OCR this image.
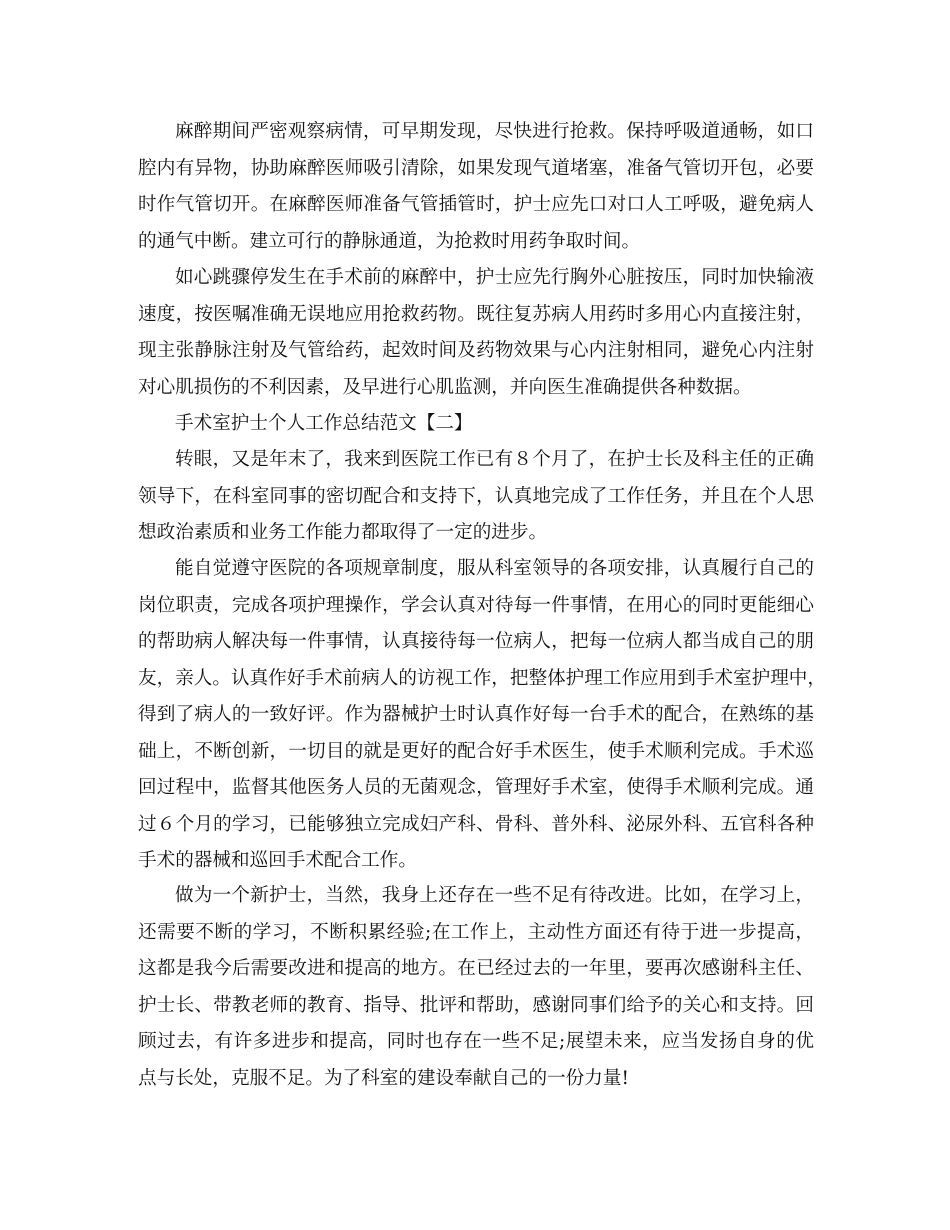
麻醉期间严密观察病情，可早期发现，尽快进行抢救。保持呼吸道通畅，如口
腔内有异物，协助麻醉医师吸引清除，如果发现气道堵塞，准备气管切开包，必要
时作气管切开。在麻醉医师准备气管插管时，护士应先口对口人工呼吸，避免病人
的通气中断。建立可行的静脉通道，为抢救时用药争取时间。
如心跳骤停发生在手术前的麻醉中，护士应先行胸外心脏按压，同时加快输液
速度，按医嘱准确无误地应用抢救药物。既往复苏病人用药时多用心内直接注射，
现主张静脉注射及气管给药，起效时间及药物效果与心内注射相同，避免心内注射
对心肌损伤的不利因素，及早进行心肌监测，并向医生准确提供各种数据。
手术室护士个人工作总结范文【二】
转眼，又是年末了，我来到医院工作已有８个月了，在护士长及科主任的正确
领导下，在科室同事的密切配合和支持下，认真地完成了工作任务，并且在个人思
想政治素质和业务工作能力都取得了一定的进步。
能自觉遵守医院的各项规章制度，服从科室领导的各项安排，认真履行自己的
岗位职责，完成各项护理操作，学会认真对待每一件事情，在用心的同时更能细心
的帮助病人解决每一件事情，认真接待每一位病人，把每一位病人都当成自己的朋
友，亲人。认真作好手术前病人的访视工作，把整体护理工作应用到手术室护理中，
得到了病人的一致好评。作为器械护士时认真作好每一台手术的配合，在熟练的基
础上，不断创新，一切目的就是更好的配合好手术医生，使手术顺利完成。手术巡
回过程中，监督其他医务人员的无菌观念，管理好手术室，使得手术顺利完成。通
过６个月的学习，已能够独立完成妇产科、骨科、普外科、泌尿外科、五官科各种
手术的器械和巡回手术配合工作。
做为一个新护士，当然，我身上还存在一些不足有待改进。比如，在学习上，
还需要不断的学习，不断积累经验;在工作上，主动性方面还有待于进一步提高，
这都是我今后需要改进和提高的地方。在已经过去的一年里，要再次感谢科主任、
护士长、带教老师的教育、指导、批评和帮助，感谢同事们给予的关心和支持。回
顾过去，有许多进步和提高，同时也存在一些不足;展望未来，应当发扬自身的优
点与长处，克服不足。为了科室的建设奉献自己的一份力量!
